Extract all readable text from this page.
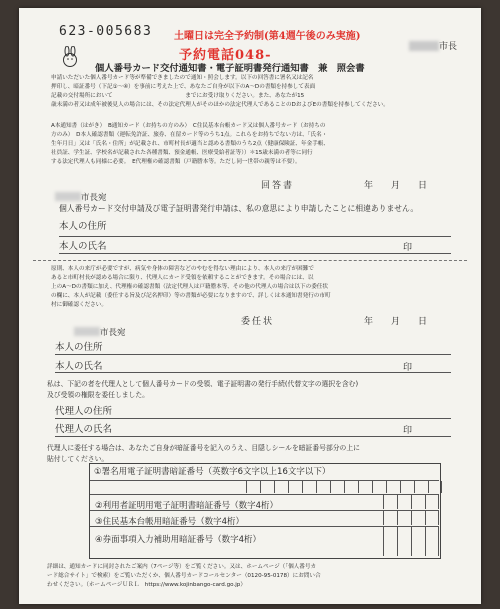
623-005683 土曜日は完全予約制(第4週午後のみ実施)
予約電話048-
市長
個人番号カード交付通知書・電子証明書発行通知書　兼　照会書
申請いただいた個人番号カード等が準備できましたので通知・照会します。以下の回答書に署名又は記名
押印し、暗証番号（下記①～④）を事前に考えた上で、あなたご自身が以下のA～Dの書類を持参して表面
記載の交付場所において　　　　　　　　　　　　　までにお受け取りください。また、あなたが15
歳未満の者又は成年被後見人の場合には、その法定代理人がそのほかの法定代理人であることのDおよびEの書類を持参してください。
A本通知書（はがき）　B通知カード（お持ちの方のみ）　C住民基本台帳カード又は個人番号カード（お持ちの
方のみ）　D本人確認書類（運転免許証、旅券、在留カード等のうち1点。これらをお持ちでない方は、「氏名・
生年月日」又は「氏名・住所」が記載され、市町村長が適当と認める書類のうち2点（健康保険証、年金手帳、
社員証、学生証、学校名が記載された各種書類、預金通帳、医療受給者証等））＊15歳未満の者等に同行
する法定代理人も同様に必要。　E代理権の確認書類（戸籍謄本等。ただし同一世帯の親等は不要）。
回答書	年　　月　　日
市長宛
個人番号カード交付申請及び電子証明書発行申請は、私の意思により申請したことに相違ありません。
本人の住所
本人の氏名	印
原則、本人の来庁が必要ですが、病気や身体の障害などのやむを得ない理由により、本人の来庁が困難で
あると市町村長が認める場合に限り、代理人にカード受領を依頼することができます。その場合には、以
上のA～Dの書類に加え、代理権の確認書類（法定代理人は戸籍謄本等、その他の代理人の場合は以下の委任状
の欄に、本人が記載（委任する旨及び記名押印）等の書類が必要になりますので、詳しくは本通知書発行の市町
村に御確認ください。
委任状	年　　月　　日
市長宛
本人の住所
本人の氏名	印
私は、下記の者を代理人として個人番号カードの受領、電子証明書の発行手続(代替文字の選択を含む)
及び受領の権限を委任しました。
代理人の住所
代理人の氏名	印
代理人に委任する場合は、あなたご自身が暗証番号を記入のうえ、目隠しシールを暗証番号部分の上に
貼付してください。
①署名用電子証明書暗証番号（英数字6文字以上16文字以下）
②利用者証明用電子証明書暗証番号（数字4桁）
③住民基本台帳用暗証番号（数字4桁）
④券面事項入力補助用暗証番号（数字4桁）
詳細は、通知カードに同封されたご案内（7ページ等）をご覧ください。又は、ホームページ（「個人番号カ
ード総合サイト」で検索）をご覧いただくか、個人番号カードコールセンター（0120-95-0178）にお問い合
わせください。（ホームページＵＲＬ　https://www.kojinbango-card.go.jp）
